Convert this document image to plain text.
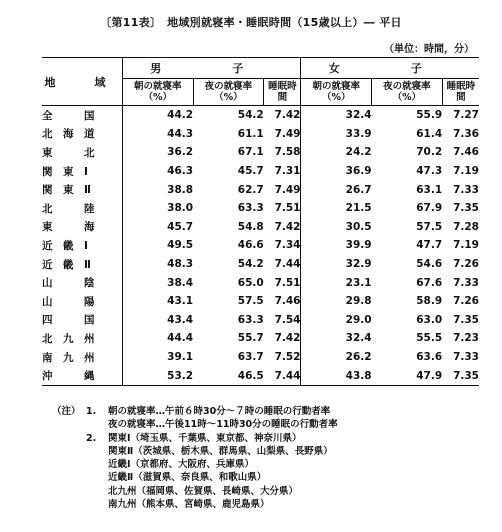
〔第11表〕　地域別就寝率・睡眠時間（15歳以上）― 平日
（単位：時間，分）
地　域	男　子			女　子		
	朝の就寝率（%）	夜の就寝率（%）	睡眠時間	朝の就寝率（%）	夜の就寝率（%）	睡眠時間
全　　　国	44.2	54.2	7.42	32.4	55.9	7.27
北　海　道	44.3	61.1	7.49	33.9	61.4	7.36
東　　　北	36.2	67.1	7.58	24.2	70.2	7.46
関　東　Ⅰ	46.3	45.7	7.31	36.9	47.3	7.19
関　東　Ⅱ	38.8	62.7	7.49	26.7	63.1	7.33
北　　　陸	38.0	63.3	7.51	21.5	67.9	7.35
東　　　海	45.7	54.8	7.42	30.5	57.5	7.28
近　畿　Ⅰ	49.5	46.6	7.34	39.9	47.7	7.19
近　畿　Ⅱ	48.3	54.2	7.44	32.9	54.6	7.26
山　　　陰	38.4	65.0	7.51	23.1	67.6	7.33
山　　　陽	43.1	57.5	7.46	29.8	58.9	7.26
四　　　国	43.4	63.3	7.54	29.0	63.0	7.35
北　九　州	44.4	55.7	7.42	32.4	55.5	7.23
南　九　州	39.1	63.7	7.52	26.2	63.6	7.33
沖　　　縄	53.2	46.5	7.44	43.8	47.9	7.35
（注） 1.	朝の就寝率…午前６時30分～７時の睡眠の行動者率
夜の就寝率…午後11時～11時30分の睡眠の行動者率
2.	関東Ⅰ（埼玉県、千葉県、東京都、神奈川県）
関東Ⅱ（茨城県、栃木県、群馬県、山梨県、長野県）
近畿Ⅰ（京都府、大阪府、兵庫県）
近畿Ⅱ（滋賀県、奈良県、和歌山県）
北九州（福岡県、佐賀県、長崎県、大分県）
南九州（熊本県、宮崎県、鹿児島県）
